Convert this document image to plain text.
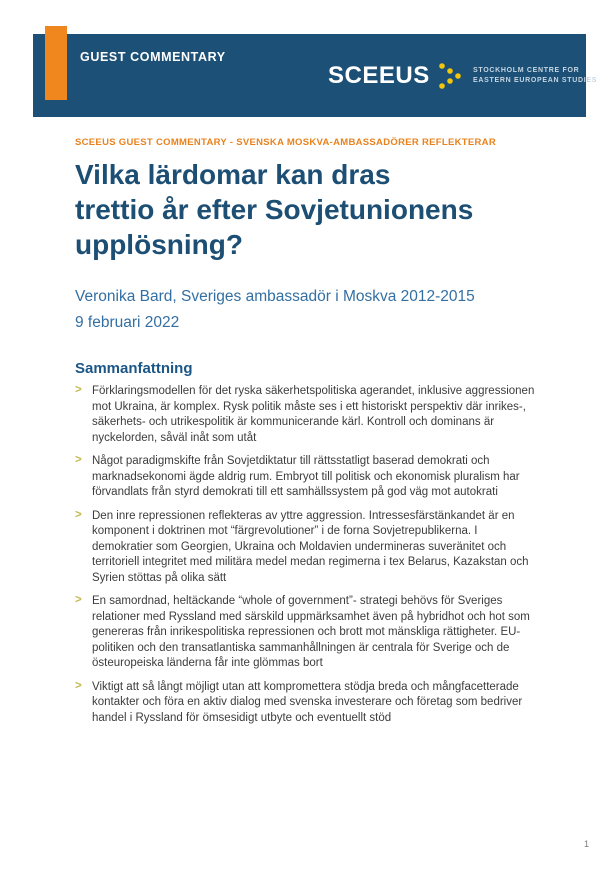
GUEST COMMENTARY
SCEEUS	STOCKHOLM CENTRE FOR
EASTERN EUROPEAN STUDIES
SCEEUS GUEST COMMENTARY - SVENSKA MOSKVA-AMBASSADÖRER REFLEKTERAR
Vilka lärdomar kan dras
trettio år efter Sovjetunionens
upplösning?
Veronika Bard, Sveriges ambassadör i Moskva 2012-2015
9 februari 2022
Sammanfattning
> Förklaringsmodellen för det ryska säkerhetspolitiska agerandet, inklusive aggressionen mot Ukraina, är komplex. Rysk politik måste ses i ett historiskt perspektiv där inrikes-, säkerhets- och utrikespolitik är kommunicerande kärl. Kontroll och dominans är nyckelorden, såväl inåt som utåt
> Något paradigmskifte från Sovjetdiktatur till rättsstatligt baserad demokrati och marknadsekonomi ägde aldrig rum. Embryot till politisk och ekonomisk pluralism har förvandlats från styrd demokrati till ett samhällssystem på god väg mot autokrati
> Den inre repressionen reflekteras av yttre aggression. Intressesfärstänkandet är en komponent i doktrinen mot “färgrevolutioner” i de forna Sovjetrepublikerna. I demokratier som Georgien, Ukraina och Moldavien undermineras suveränitet och territoriell integritet med militära medel medan regimerna i tex Belarus, Kazakstan och Syrien stöttas på olika sätt
> En samordnad, heltäckande “whole of government”- strategi behövs för Sveriges relationer med Ryssland med särskild uppmärksamhet även på hybridhot och hot som genereras från inrikespolitiska repressionen och brott mot mänskliga rättigheter. EU-politiken och den transatlantiska sammanhållningen är centrala för Sverige och de östeuropeiska länderna får inte glömmas bort
> Viktigt att så långt möjligt utan att kompromettera stödja breda och mångfacetterade kontakter och föra en aktiv dialog med svenska investerare och företag som bedriver handel i Ryssland för ömsesidigt utbyte och eventuellt stöd
1
